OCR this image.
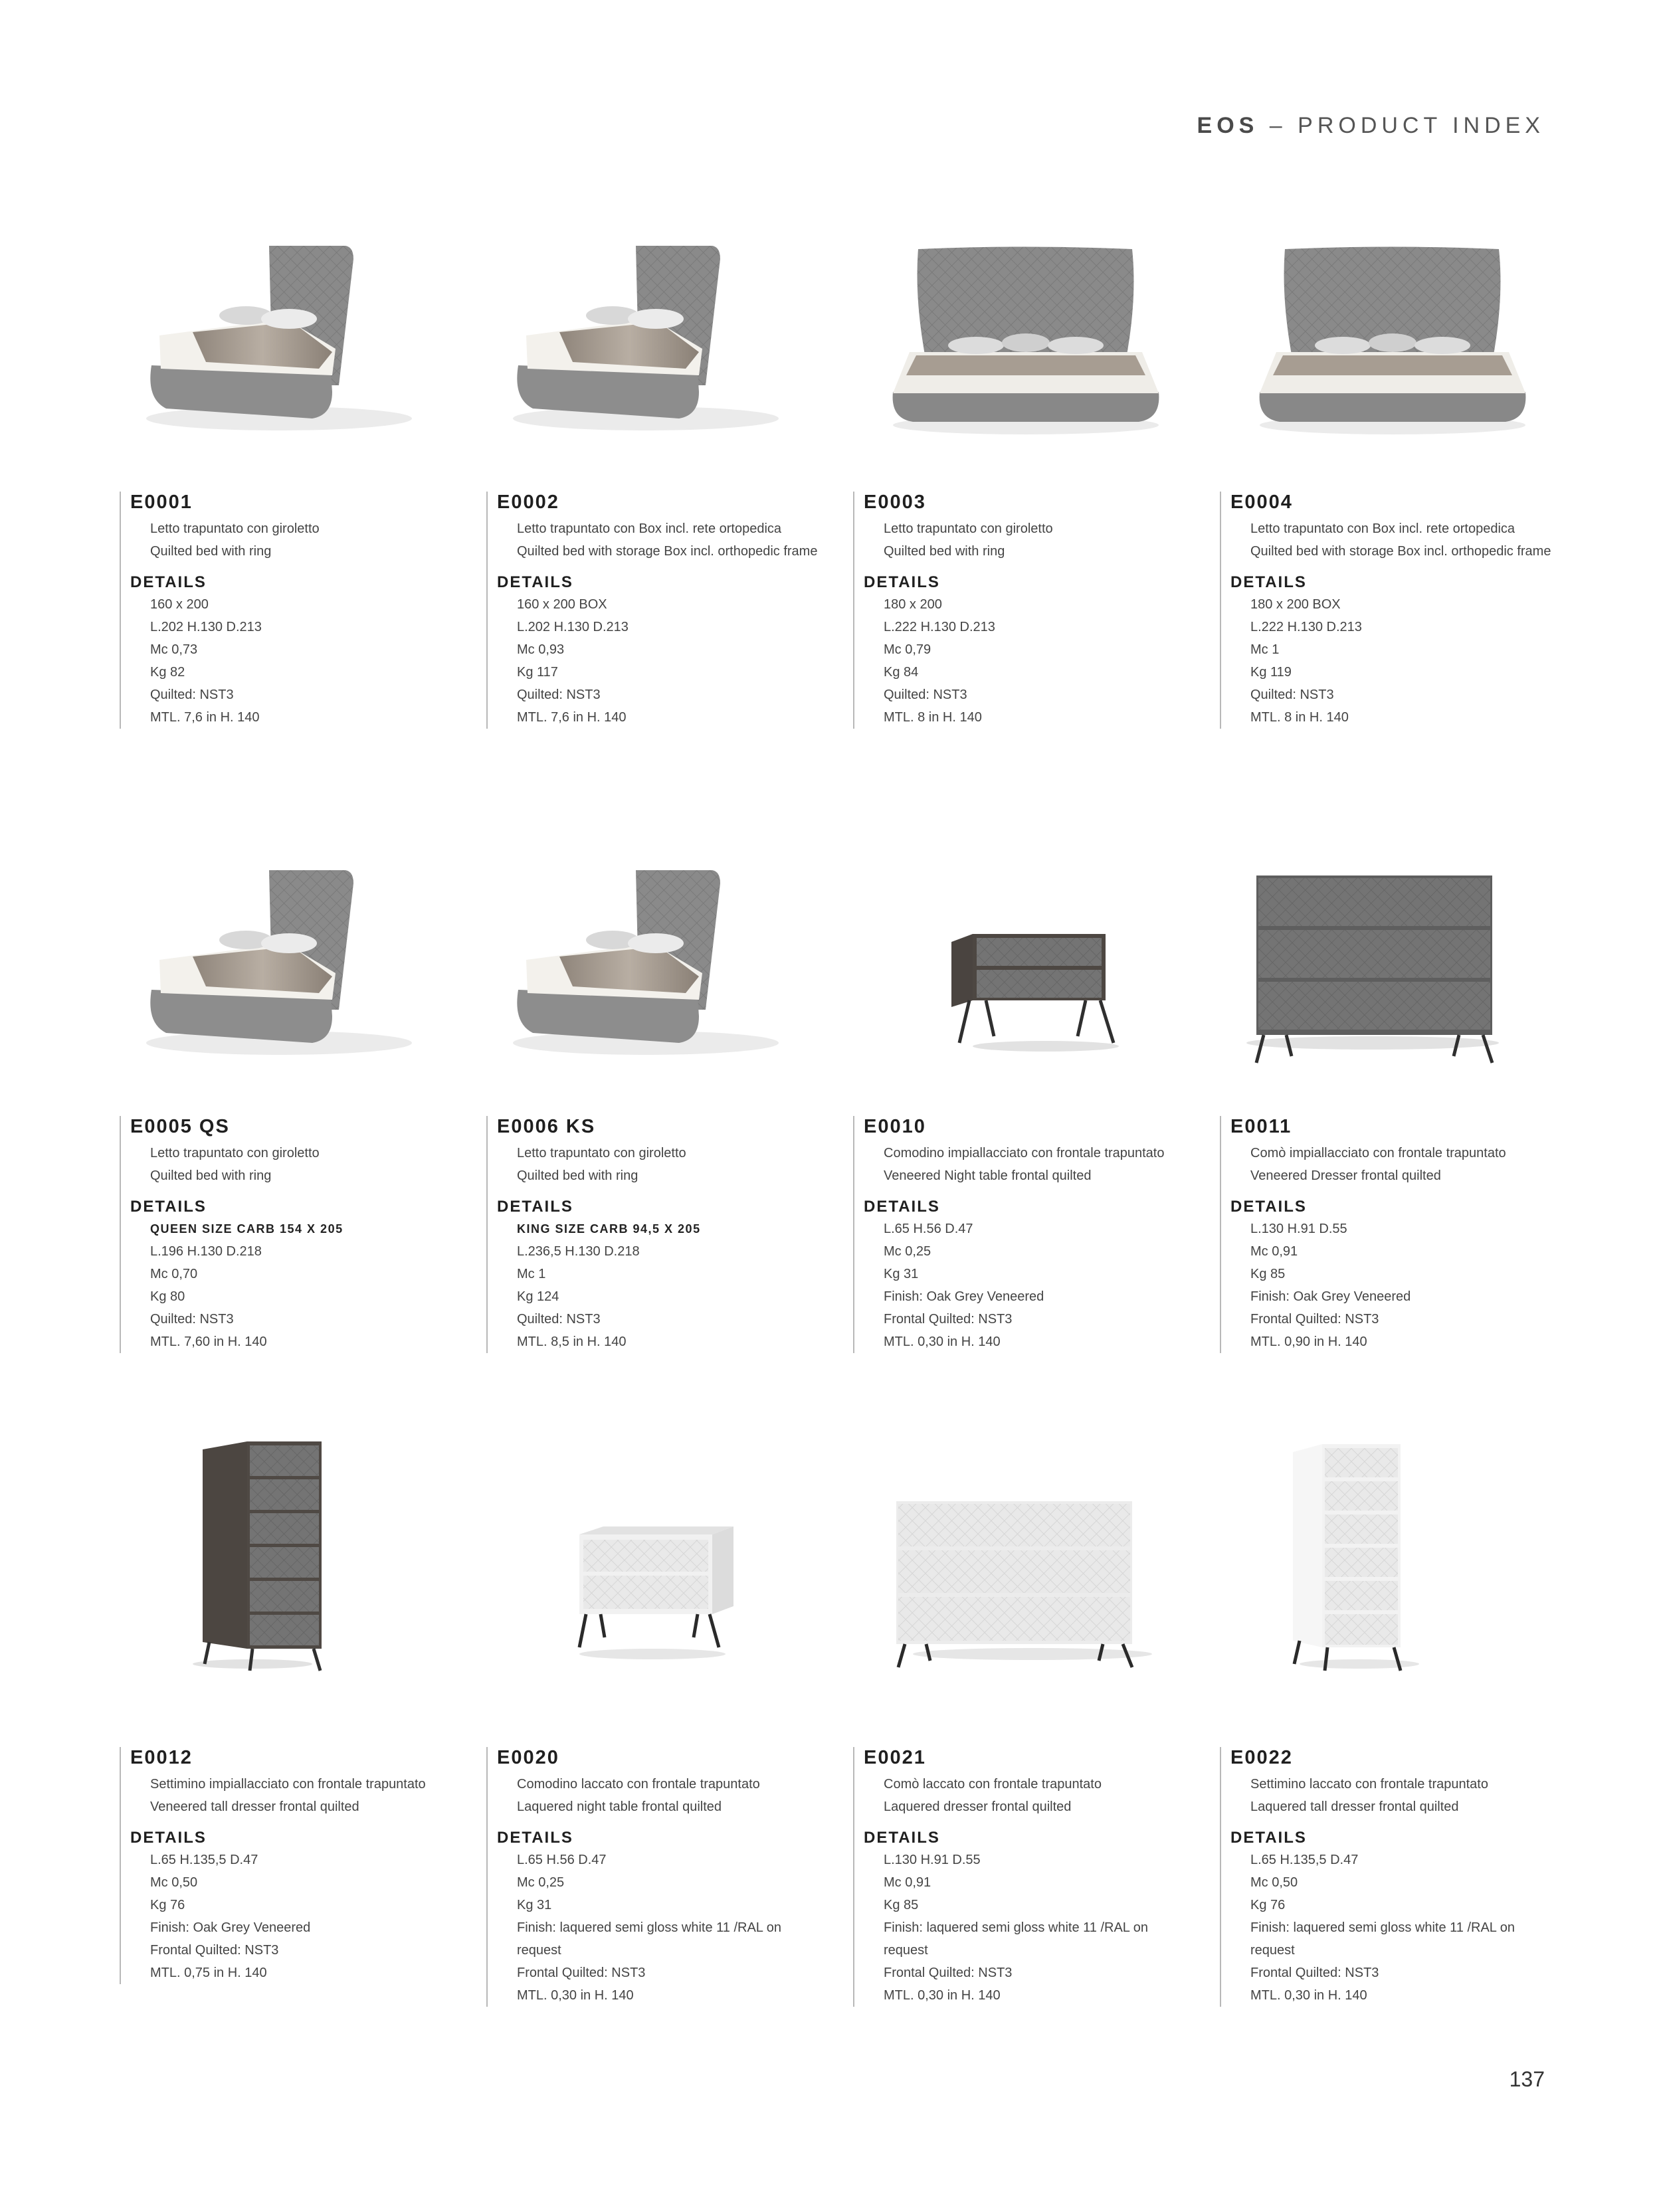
EOS – PRODUCT INDEX
E0001
Letto trapuntato con giroletto
Quilted bed with ring
DETAILS
160 x 200
L.202 H.130 D.213
Mc 0,73
Kg 82
Quilted: NST3
MTL. 7,6 in H. 140
E0002
Letto trapuntato con Box incl. rete ortopedica
Quilted bed with storage Box incl. orthopedic frame
DETAILS
160 x 200 BOX
L.202 H.130 D.213
Mc 0,93
Kg 117
Quilted: NST3
MTL. 7,6 in H. 140
E0003
Letto trapuntato con giroletto
Quilted bed with ring
DETAILS
180 x 200
L.222 H.130 D.213
Mc 0,79
Kg 84
Quilted: NST3
MTL. 8 in H. 140
E0004
Letto trapuntato con Box incl. rete ortopedica
Quilted bed with storage Box incl. orthopedic frame
DETAILS
180 x 200 BOX
L.222 H.130 D.213
Mc 1
Kg 119
Quilted: NST3
MTL. 8 in H. 140
E0005 QS
Letto trapuntato con giroletto
Quilted bed with ring
DETAILS
QUEEN SIZE CARB 154 X 205
L.196 H.130 D.218
Mc 0,70
Kg 80
Quilted: NST3
MTL. 7,60 in H. 140
E0006 KS
Letto trapuntato con giroletto
Quilted bed with ring
DETAILS
KING SIZE CARB 94,5 X 205
L.236,5 H.130 D.218
Mc 1
Kg 124
Quilted: NST3
MTL. 8,5 in H. 140
E0010
Comodino impiallacciato con frontale trapuntato
Veneered Night table frontal quilted
DETAILS
L.65 H.56 D.47
Mc 0,25
Kg 31
Finish: Oak Grey Veneered
Frontal Quilted: NST3
MTL. 0,30 in H. 140
E0011
Comò impiallacciato con frontale trapuntato
Veneered Dresser frontal quilted
DETAILS
L.130 H.91 D.55
Mc 0,91
Kg 85
Finish: Oak Grey Veneered
Frontal Quilted: NST3
MTL. 0,90 in H. 140
E0012
Settimino impiallacciato con frontale trapuntato
Veneered tall dresser frontal quilted
DETAILS
L.65 H.135,5 D.47
Mc 0,50
Kg 76
Finish: Oak Grey Veneered
Frontal Quilted: NST3
MTL. 0,75 in H. 140
E0020
Comodino laccato con frontale trapuntato
Laquered night table frontal quilted
DETAILS
L.65 H.56 D.47
Mc 0,25
Kg 31
Finish: laquered semi gloss white 11 /RAL on request
Frontal Quilted: NST3
MTL. 0,30 in H. 140
E0021
Comò laccato con frontale trapuntato
Laquered dresser frontal quilted
DETAILS
L.130 H.91 D.55
Mc 0,91
Kg 85
Finish: laquered semi gloss white 11 /RAL on request
Frontal Quilted: NST3
MTL. 0,30 in H. 140
E0022
Settimino laccato con frontale trapuntato
Laquered tall dresser frontal quilted
DETAILS
L.65 H.135,5 D.47
Mc 0,50
Kg 76
Finish: laquered semi gloss white 11 /RAL on request
Frontal Quilted: NST3
MTL. 0,30 in H. 140
137
